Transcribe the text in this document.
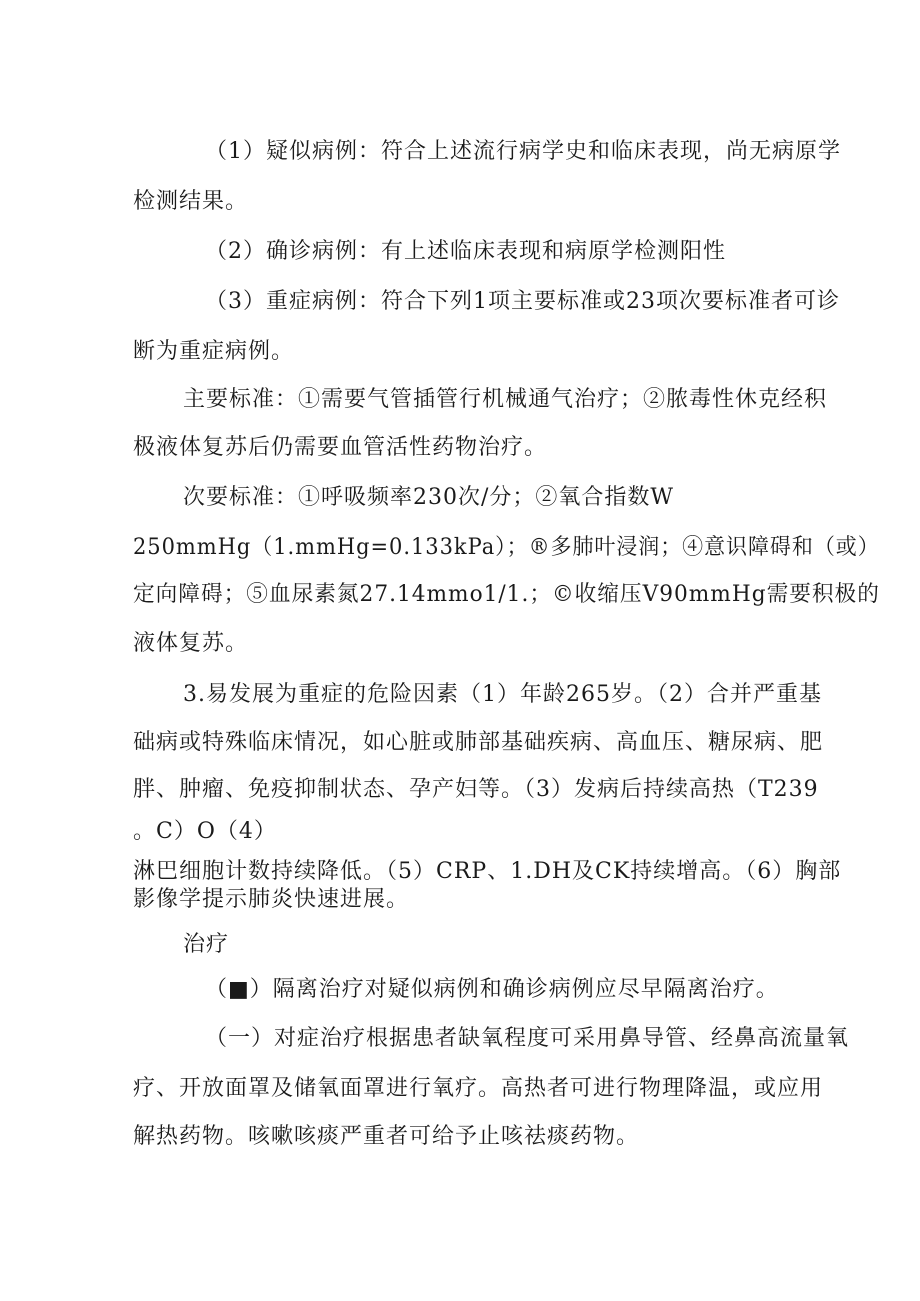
（1）疑似病例：符合上述流行病学史和临床表现，尚无病原学
检测结果。
（2）确诊病例：有上述临床表现和病原学检测阳性
（3）重症病例：符合下列1项主要标准或23项次要标准者可诊
断为重症病例。
主要标准：①需要气管插管行机械通气治疗；②脓毒性休克经积
极液体复苏后仍需要血管活性药物治疗。
次要标准：①呼吸频率230次/分；②氧合指数W
250mmHg（1.mmHg=0.133kPa）；®多肺叶浸润；④意识障碍和（或）
定向障碍；⑤血尿素氮27.14mmo1/1.；©收缩压V90mmHg需要积极的
液体复苏。
3.易发展为重症的危险因素（1）年龄265岁。（2）合并严重基
础病或特殊临床情况，如心脏或肺部基础疾病、高血压、糖尿病、肥
胖、肿瘤、免疫抑制状态、孕产妇等。（3）发病后持续高热（T239
。C）O（4）
淋巴细胞计数持续降低。（5）CRP、1.DH及CK持续增高。（6）胸部
影像学提示肺炎快速进展。
治疗
（■）隔离治疗对疑似病例和确诊病例应尽早隔离治疗。
（一）对症治疗根据患者缺氧程度可采用鼻导管、经鼻高流量氧
疗、开放面罩及储氧面罩进行氧疗。高热者可进行物理降温，或应用
解热药物。咳嗽咳痰严重者可给予止咳祛痰药物。
